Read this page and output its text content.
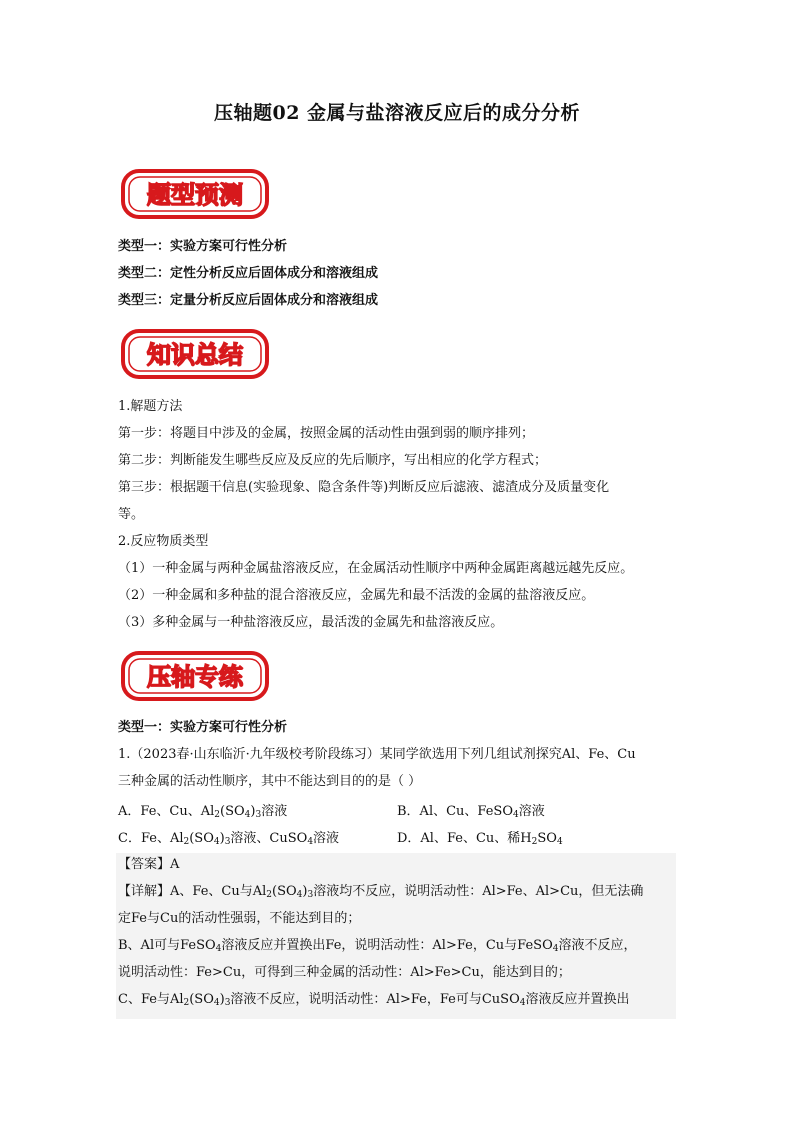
压轴题02 金属与盐溶液反应后的成分分析
题型预测
类型一：实验方案可行性分析
类型二：定性分析反应后固体成分和溶液组成
类型三：定量分析反应后固体成分和溶液组成
知识总结
1.解题方法
第一步：将题目中涉及的金属，按照金属的活动性由强到弱的顺序排列；
第二步：判断能发生哪些反应及反应的先后顺序，写出相应的化学方程式；
第三步：根据题干信息(实验现象、隐含条件等)判断反应后滤液、滤渣成分及质量变化
等。
2.反应物质类型
（1）一种金属与两种金属盐溶液反应，在金属活动性顺序中两种金属距离越远越先反应。
（2）一种金属和多种盐的混合溶液反应，金属先和最不活泼的金属的盐溶液反应。
（3）多种金属与一种盐溶液反应，最活泼的金属先和盐溶液反应。
压轴专练
类型一：实验方案可行性分析
1.（2023春·山东临沂·九年级校考阶段练习）某同学欲选用下列几组试剂探究Al、Fe、Cu
三种金属的活动性顺序，其中不能达到目的的是（ ）
A．Fe、Cu、$Al_2(SO_4)_3$溶液	B．Al、Cu、FeSO$_4$溶液
C．Fe、$Al_2(SO_4)_3$溶液、CuSO$_4$溶液	D．Al、Fe、Cu、稀$H_2SO_4$
【答案】A
【详解】A、Fe、Cu与$Al_2(SO_4)_3$溶液均不反应，说明活动性：Al>Fe、Al>Cu，但无法确
定Fe与Cu的活动性强弱，不能达到目的；
B、Al可与FeSO$_4$溶液反应并置换出Fe，说明活动性：Al>Fe，Cu与FeSO$_4$溶液不反应，
说明活动性：Fe>Cu，可得到三种金属的活动性：Al>Fe>Cu，能达到目的；
C、Fe与$Al_2(SO_4)_3$溶液不反应，说明活动性：Al>Fe，Fe可与CuSO$_4$溶液反应并置换出
